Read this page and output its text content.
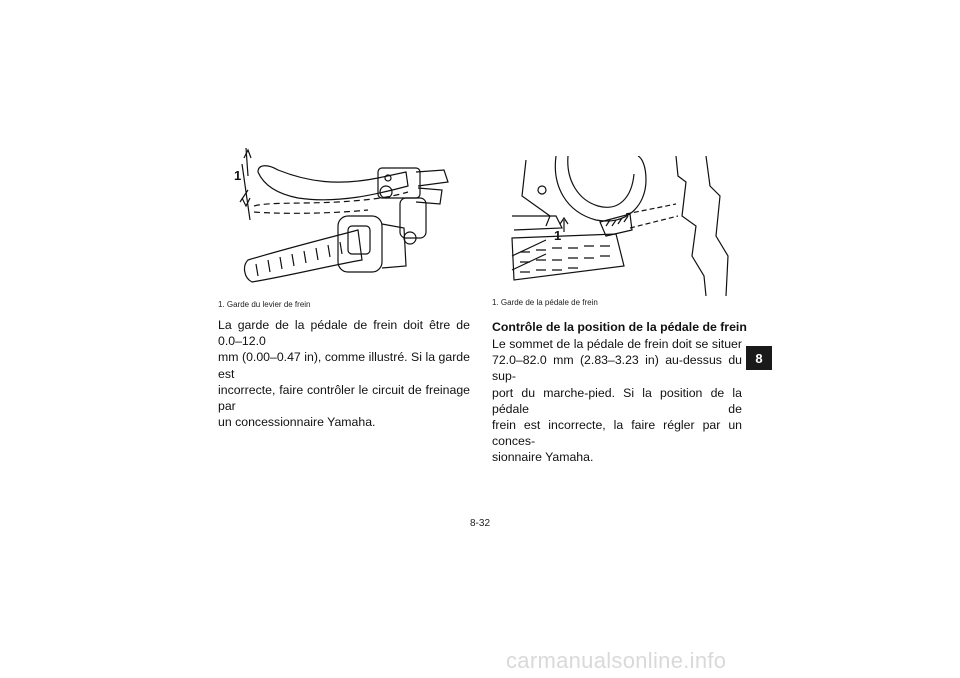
1
1. Garde du levier de frein
La garde de la pédale de frein doit être de 0.0–12.0
mm (0.00–0.47 in), comme illustré. Si la garde est
incorrecte, faire contrôler le circuit de freinage par
un concessionnaire Yamaha.
1
1. Garde de la pédale de frein
Contrôle de la position de la pédale de frein
Le sommet de la pédale de frein doit se situer
72.0–82.0 mm (2.83–3.23 in) au-dessus du sup-
port du marche-pied. Si la position de la pédale de
frein est incorrecte, la faire régler par un conces-
sionnaire Yamaha.
8
8-32
carmanualsonline.info
